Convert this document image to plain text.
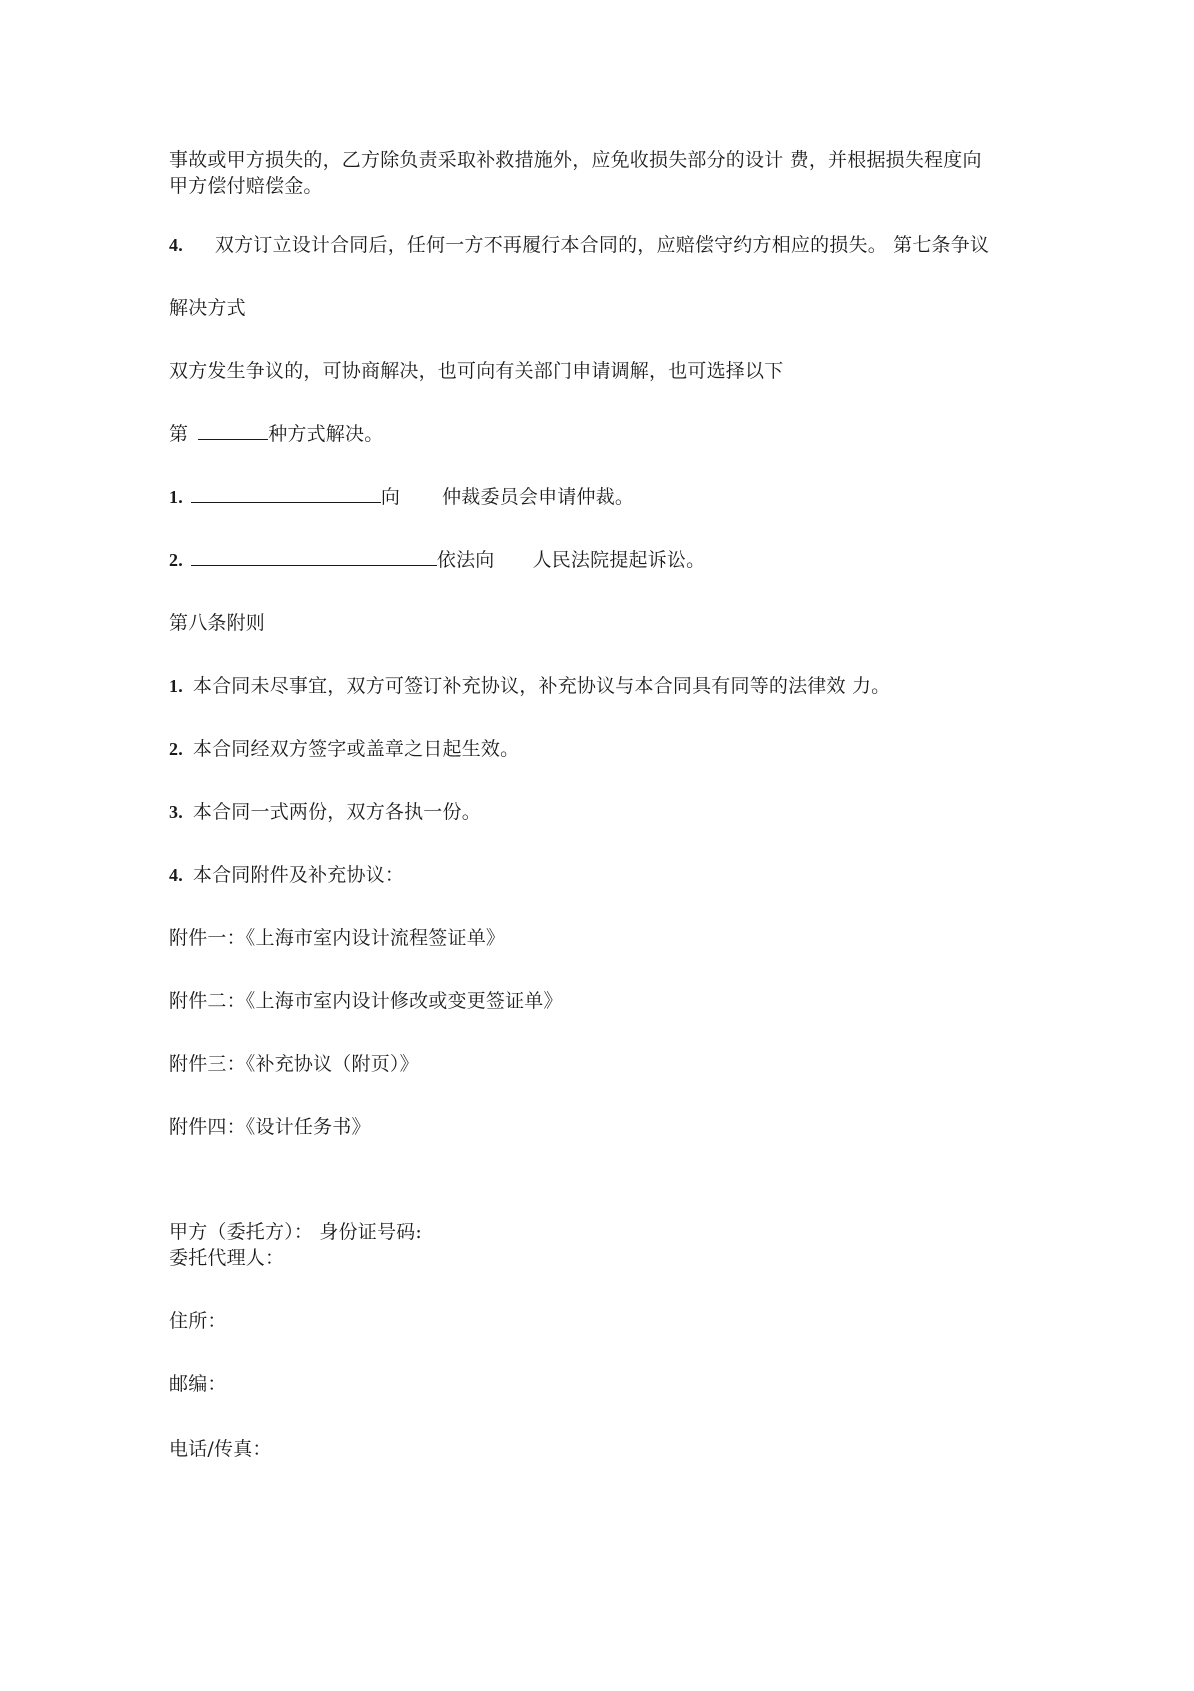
事故或甲方损失的，乙方除负责采取补救措施外，应免收损失部分的设计 费，并根据损失程度向
甲方偿付赔偿金。
4. 双方订立设计合同后，任何一方不再履行本合同的，应赔偿守约方相应的损失。 第七条争议
解决方式
双方发生争议的，可协商解决，也可向有关部门申请调解，也可选择以下
第	种方式解决。
1.	向 仲裁委员会申请仲裁。
2.	依法向 人民法院提起诉讼。
第八条附则
1. 本合同未尽事宜，双方可签订补充协议，补充协议与本合同具有同等的法律效 力。
2. 本合同经双方签字或盖章之日起生效。
3. 本合同一式两份，双方各执一份。
4. 本合同附件及补充协议：
附件一：《上海市室内设计流程签证单》
附件二：《上海市室内设计修改或变更签证单》
附件三：《补充协议（附页）》
附件四：《设计任务书》
甲方（委托方）： 身份证号码:
委托代理人：
住所：
邮编：
电话/传真：
